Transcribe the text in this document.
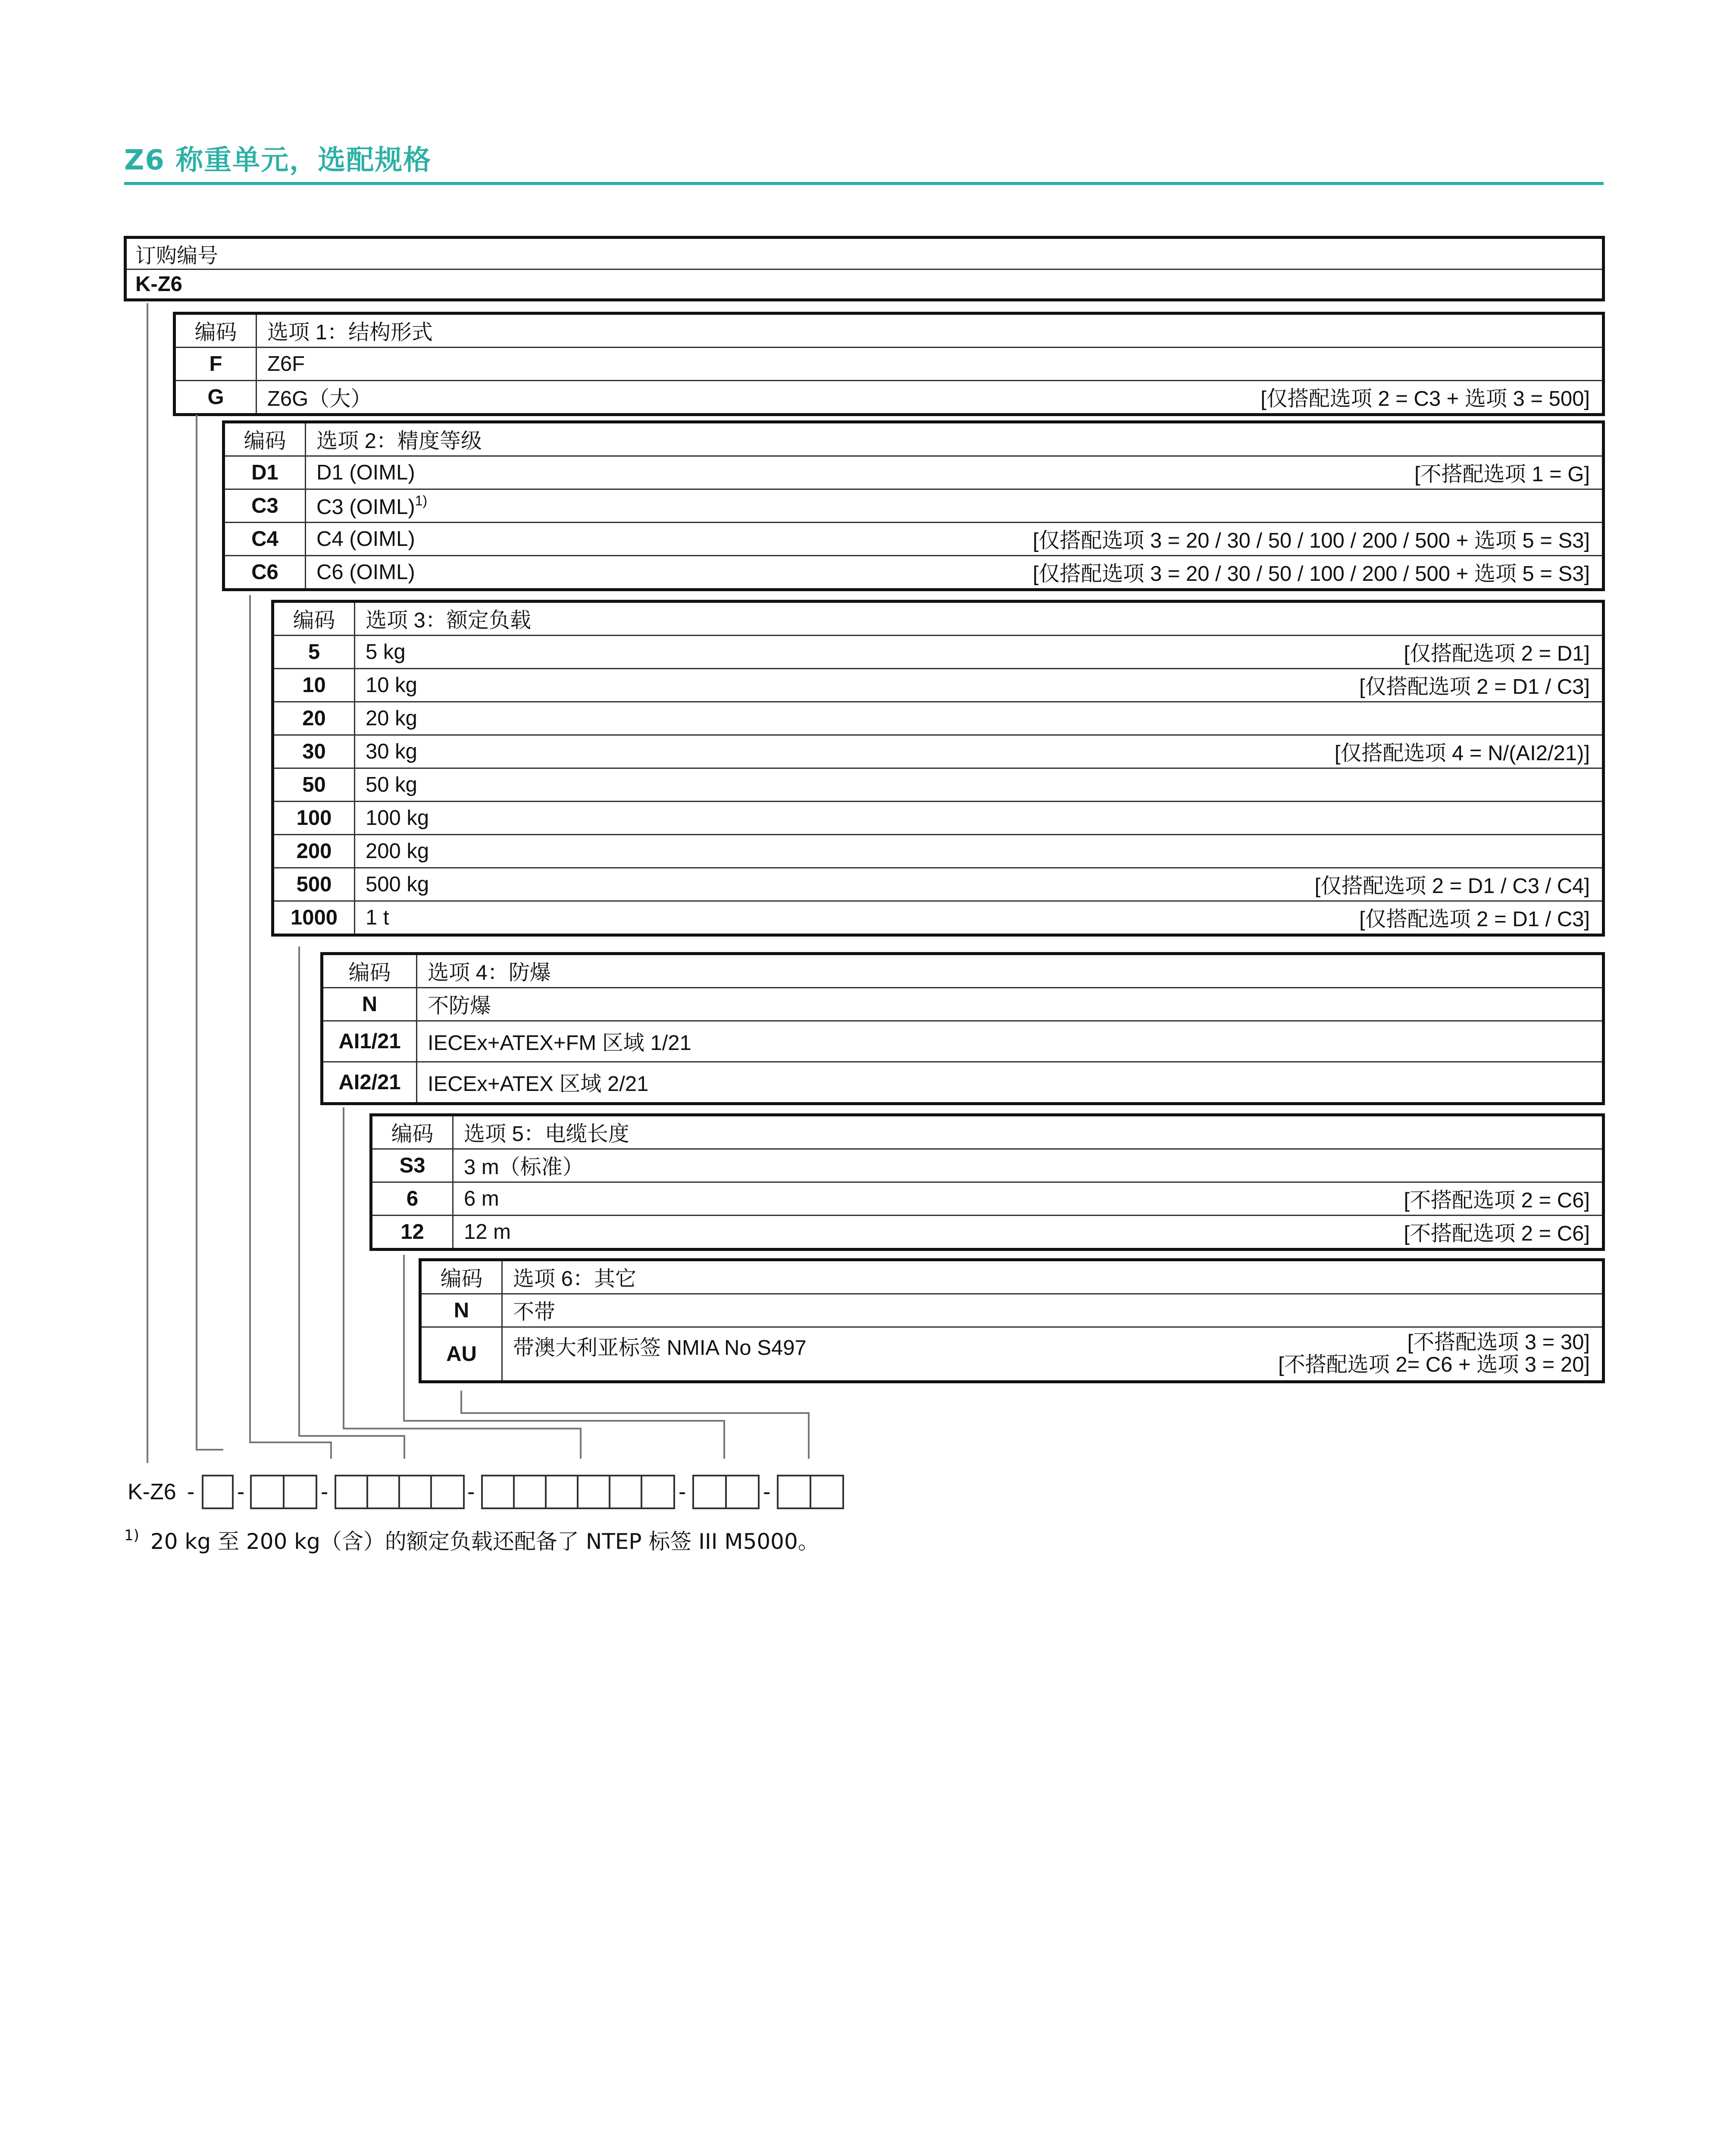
Z6 称重单元，选配规格
订购编号
K-Z6
编码	选项 1：结构形式
F	Z6F
G	Z6G（大） [仅搭配选项 2 = C3 + 选项 3 = 500]
编码	选项 2：精度等级
D1	D1 (OIML) [不搭配选项 1 = G]

C3	C3 (OIML)$^{1)}$
C4	C4 (OIML) [仅搭配选项 3 = 20 / 30 / 50 / 100 / 200 / 500 + 选项 5 = S3]

C6	C6 (OIML) [仅搭配选项 3 = 20 / 30 / 50 / 100 / 200 / 500 + 选项 5 = S3]
编码	选项 3：额定负载
5	5 kg [仅搭配选项 2 = D1]

10	10 kg [仅搭配选项 2 = D1 / C3]

20	20 kg
30	30 kg [仅搭配选项 4 = N/(AI2/21)]

50	50 kg
100	100 kg
200	200 kg
500	500 kg [仅搭配选项 2 = D1 / C3 / C4]

1000	1 t [仅搭配选项 2 = D1 / C3]
编码	选项 4：防爆
N	不防爆
AI1/21	IECEx+ATEX+FM 区域 1/21
AI2/21	IECEx+ATEX 区域 2/21
编码	选项 5：电缆长度
S3	3 m（标准）
6	6 m [不搭配选项 2 = C6]

12	12 m [不搭配选项 2 = C6]
编码	选项 6：其它
N	不带
AU	带澳大利亚标签 NMIA No S497 [不搭配选项 3 = 30]
[不搭配选项 2= C6 + 选项 3 = 20]
K-Z6 - -	-	-	-	-
$^{1)}$ 20 kg 至 200 kg（含）的额定负载还配备了 NTEP 标签 III M5000。
